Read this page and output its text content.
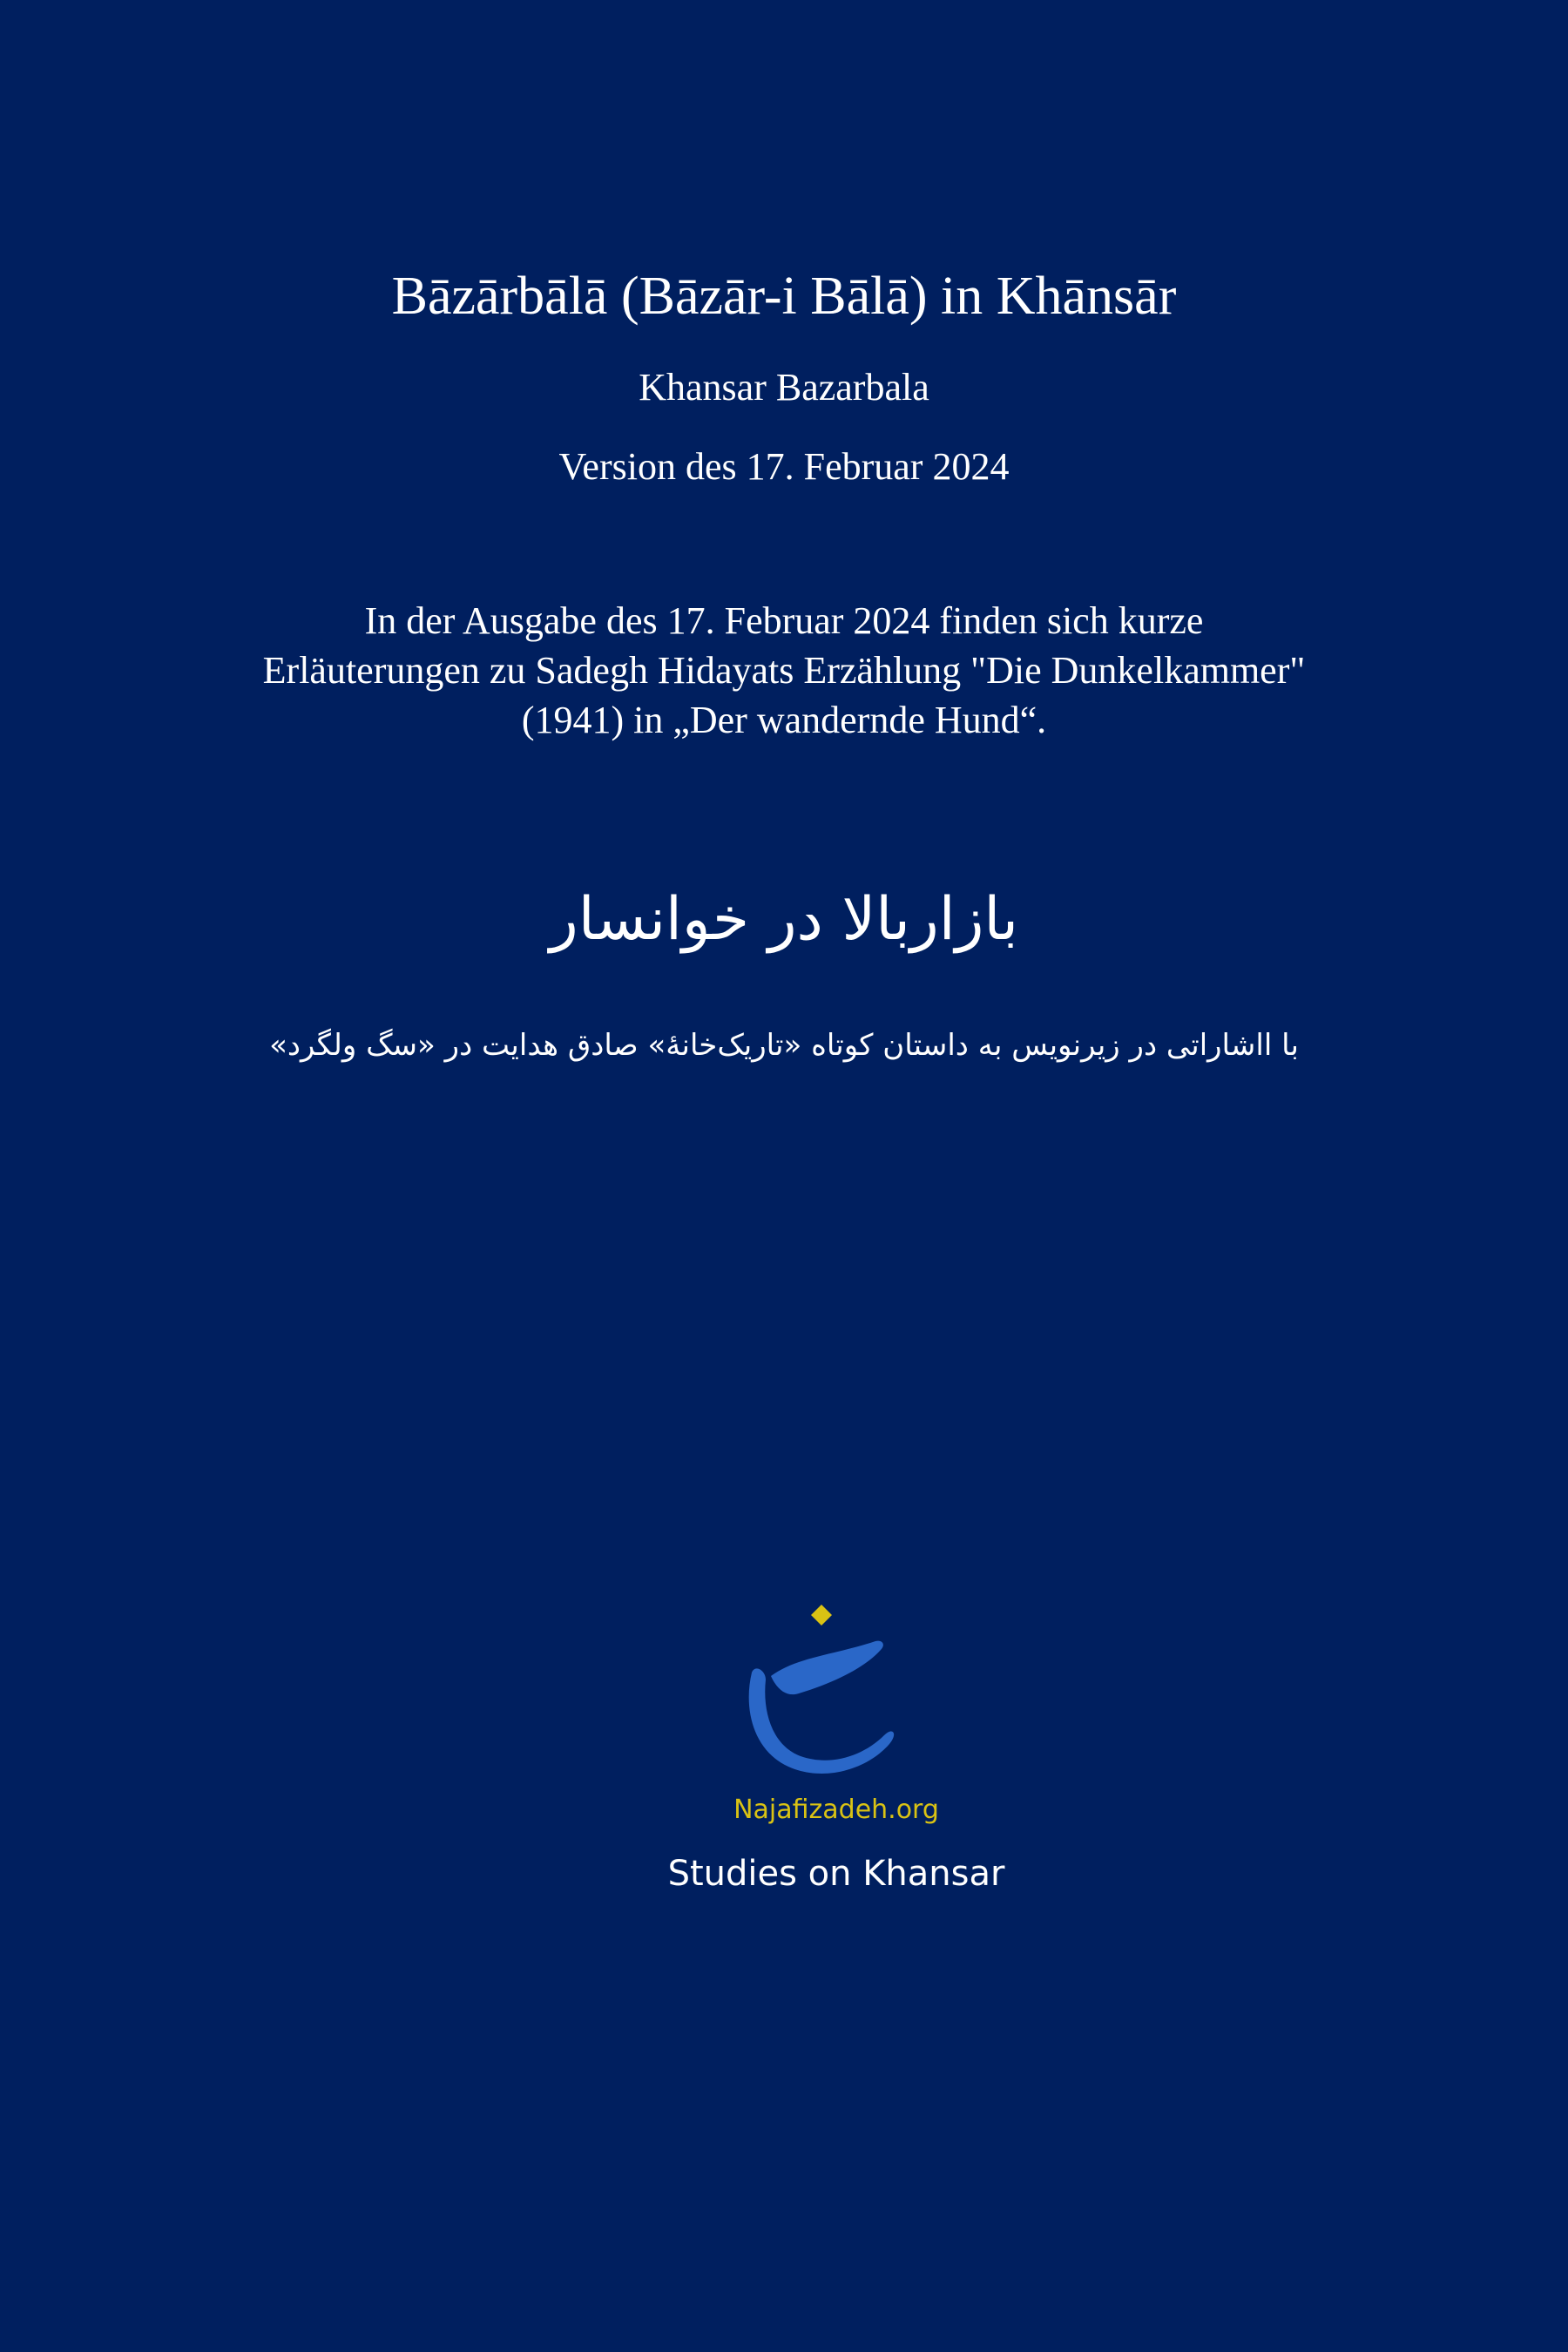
Bāzārbālā (Bāzār-i Bālā) in Khānsār
Khansar Bazarbala
Version des 17. Februar 2024
In der Ausgabe des 17. Februar 2024 finden sich kurze Erläuterungen zu Sadegh Hidayats Erzählung "Die Dunkelkammer" (1941) in „Der wandernde Hund“.
بازاربالا در خوانسار
با ااشاراتی در زیرنویس به داستان کوتاه «تاریک‌خانهٔ» صادق هدایت در «سگ ولگرد»
Najafizadeh.org
Studies on Khansar
